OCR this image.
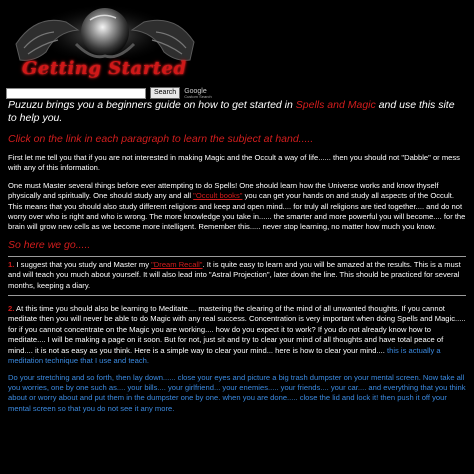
Getting Started
Search	Google
Custom Search
Puzuzu brings you a beginners guide on how to get started in Spells and Magic and use this site to help you.
Click on the link in each paragraph to learn the subject at hand.....
First let me tell you that if you are not interested in making Magic and the Occult a way of life...... then you should not "Dabble" or mess with any of this information.
One must Master several things before ever attempting to do Spells! One should learn how the Universe works and know thyself physically and spiritually. One should study any and all "Occult books" you can get your hands on and study all aspects of the Occult. This means that you should also study different religions and keep and open mind.... for truly all religions are tied together.... and do not worry over who is right and who is wrong. The more knowledge you take in...... the smarter and more powerful you will become.... for the brain will grow new cells as we become more intelligent. Remember this..... never stop learning, no matter how much you know.
So here we go.....
1. I suggest that you study and Master my "Dream Recall". It is quite easy to learn and you will be amazed at the results. This is a must and will teach you much about yourself. It will also lead into "Astral Projection", later down the line. This should be practiced for several months, keeping a diary.
2. At this time you should also be learning to Meditate.... mastering the clearing of the mind of all unwanted thoughts. If you cannot meditate then you will never be able to do Magic with any real success. Concentration is very important when doing Spells and Magic..... for if you cannot concentrate on the Magic you are working.... how do you expect it to work? If you do not already know how to meditate.... I will be making a page on it soon. But for not, just sit and try to clear your mind of all thoughts and have total peace of mind.... it is not as easy as you think. Here is a simple way to clear your mind... here is how to clear your mind.... this is actually a meditation technique that I use and teach.
Do your stretching and so forth, then lay down...... close your eyes and picture a big trash dumpster on your mental screen. Now take all you worries, one by one such as.... your bills.... your girlfriend... your enemies..... your friends.... your car.... and everything that you think about or worry about and put them in the dumpster one by one. when you are done..... close the lid and lock it! then push it off your mental screen so that you do not see it any more.
